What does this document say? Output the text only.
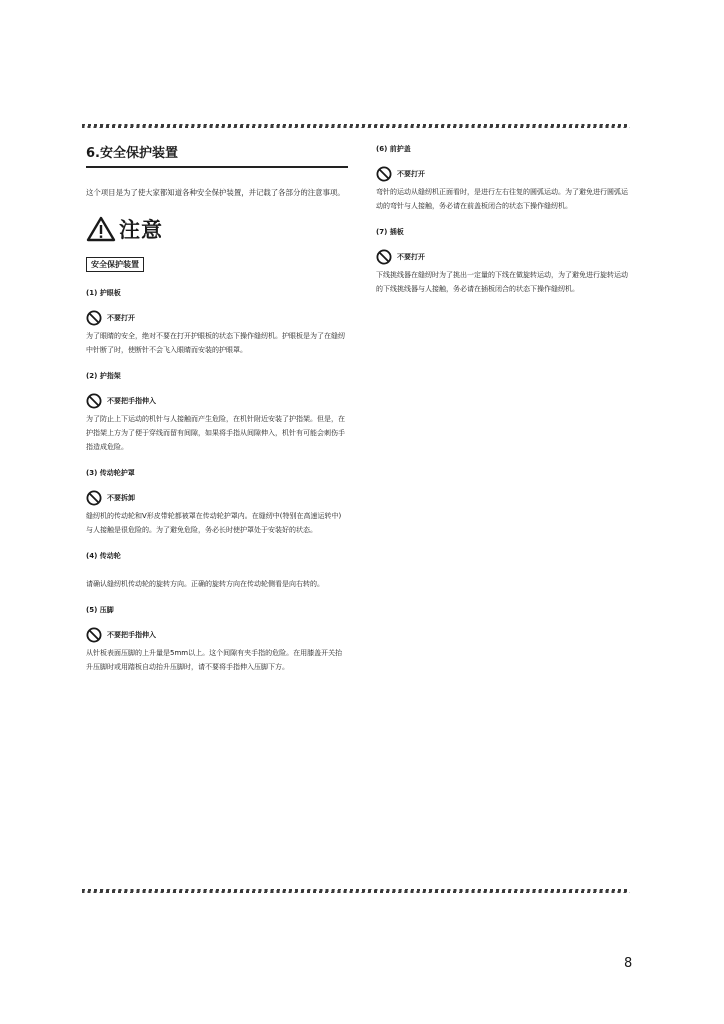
6.安全保护装置

这个项目是为了使大家都知道各种安全保护装置，并记载了各部分的注意事项。

注意
安全保护装置
(1) 护眼板
不要打开

为了眼睛的安全，绝对不要在打开护眼板的状态下操作缝纫机。护眼板是为了在缝纫中针断了时，使断针不会飞入眼睛而安装的护眼罩。

(2) 护指架
不要把手指伸入

为了防止上下运动的机针与人接触而产生危险，在机针附近安装了护指架。但是，在护指架上方为了便于穿线而留有间隙，如果将手指从间隙伸入，机针有可能会刺伤手指造成危险。

(3) 传动轮护罩
不要拆卸

缝纫机的传动轮和V形皮带轮都被罩在传动轮护罩内。在缝纫中(特别在高速运转中)与人接触是很危险的。为了避免危险，务必长时使护罩处于安装好的状态。

(4) 传动轮

请确认缝纫机传动轮的旋转方向。正确的旋转方向在传动轮侧看是向右转的。

(5) 压脚
不要把手指伸入

从针板表面压脚的上升量是5mm以上。这个间隙有夹手指的危险。在用膝盖开关抬升压脚时或用踏板自动抬升压脚时，请不要将手指伸入压脚下方。

(6) 前护盖
不要打开

弯针的运动从缝纫机正面看时，是进行左右往复的圆弧运动。为了避免进行圆弧运动的弯针与人接触，务必请在前盖板闭合的状态下操作缝纫机。

(7) 插板
不要打开

下线挑线器在缝纫时为了挑出一定量的下线在做旋转运动，为了避免进行旋转运动的下线挑线器与人接触，务必请在插板闭合的状态下操作缝纫机。

8
